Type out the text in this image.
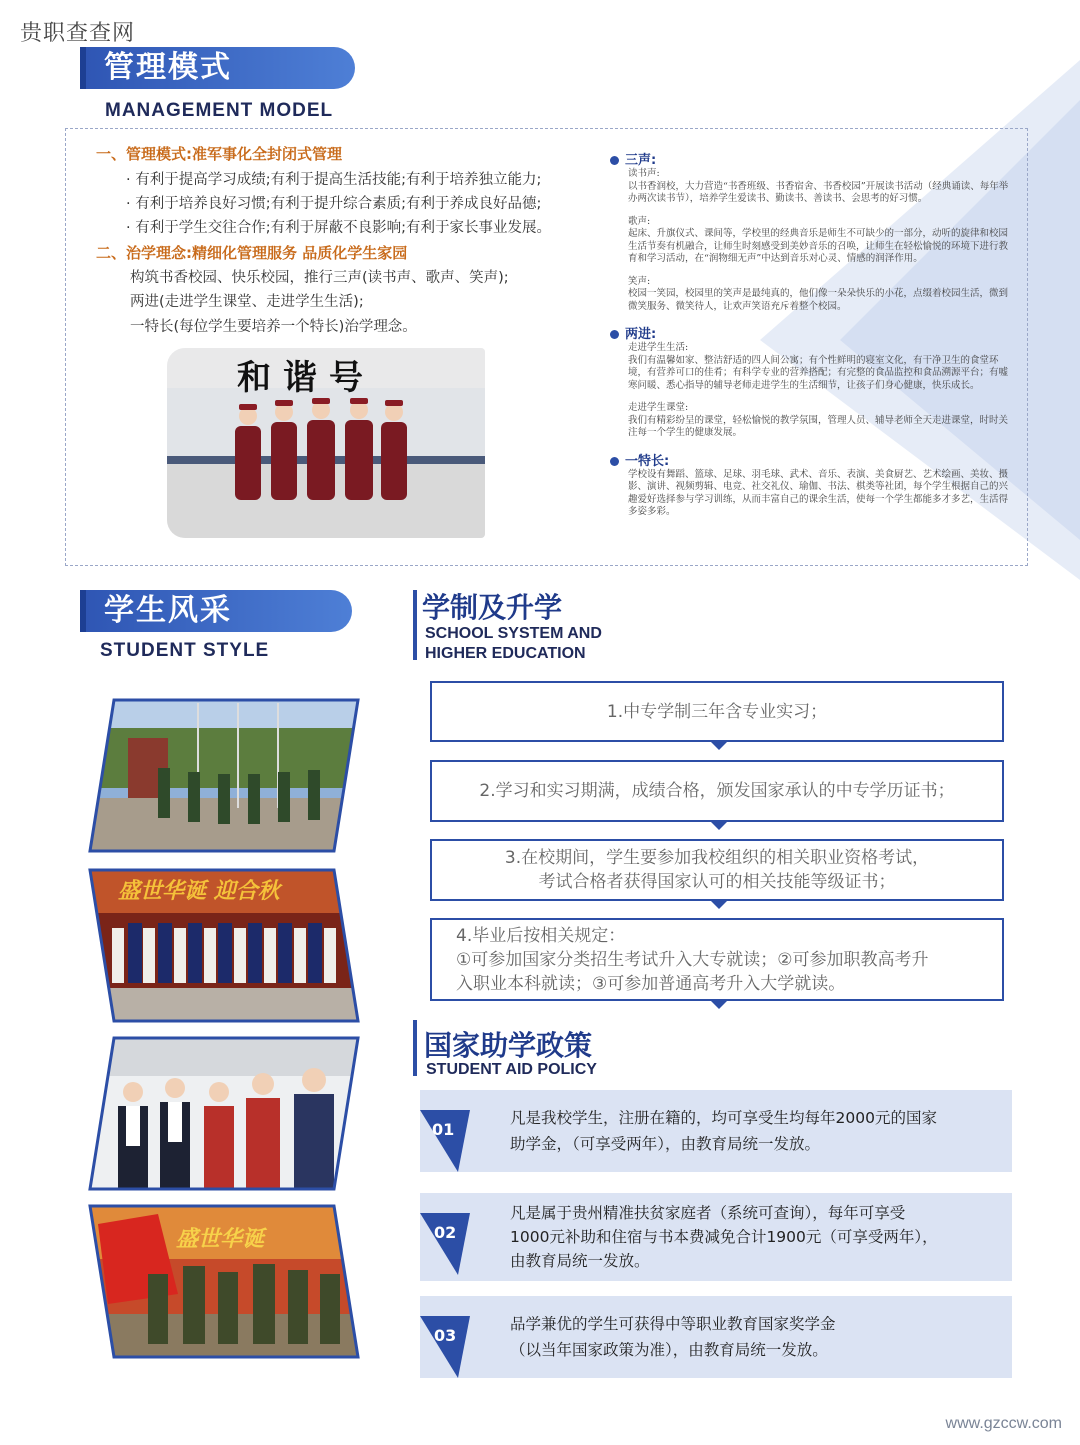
贵职查查网
管理模式
MANAGEMENT MODEL
一、管理模式:准军事化全封闭式管理
· 有利于提高学习成绩;有利于提高生活技能;有利于培养独立能力;
· 有利于培养良好习惯;有利于提升综合素质;有利于养成良好品德;
· 有利于学生交往合作;有利于屏蔽不良影响;有利于家长事业发展。
二、治学理念:精细化管理服务 品质化学生家园
构筑书香校园、快乐校园，推行三声(读书声、歌声、笑声);
两进(走进学生课堂、走进学生生活);
一特长(每位学生要培养一个特长)治学理念。
和谐号
三声:
读书声:
以书香润校，大力营造“书香班级、书香宿舍、书香校园”开展读书活动（经典诵读、每年举办两次读书节），培养学生爱读书、勤读书、善读书、会思考的好习惯。
歌声:
起床、升旗仪式、课间等，学校里的经典音乐是师生不可缺少的一部分，动听的旋律和校园生活节奏有机融合，让师生时刻感受到美妙音乐的召唤，让师生在轻松愉悦的环境下进行教育和学习活动，在“润物细无声”中达到音乐对心灵、情感的润泽作用。
笑声:
校园一笑园，校园里的笑声是最纯真的，他们像一朵朵快乐的小花，点缀着校园生活，微到微笑服务、微笑待人，让欢声笑语充斥着整个校园。
两进:
走进学生生活:
我们有温馨如家、整洁舒适的四人间公寓；有个性鲜明的寝室文化，有干净卫生的食堂环境，有营养可口的佳肴；有科学专业的营养搭配；有完整的食品监控和食品溯源平台；有嘘寒问暖、悉心指导的辅导老师走进学生的生活细节，让孩子们身心健康，快乐成长。
走进学生课堂:
我们有精彩纷呈的课堂，轻松愉悦的教学氛围，管理人员、辅导老师全天走进课堂，时时关注每一个学生的健康发展。
一特长:
学校设有舞蹈、篮球、足球、羽毛球、武术、音乐、表演、美食厨艺、艺术绘画、美妆、摄影、演讲、视频剪辑、电竞、社交礼仪、瑜伽、书法、棋类等社团，每个学生根据自己的兴趣爱好选择参与学习训练，从而丰富自己的课余生活，使每一个学生都能多才多艺，生活得多姿多彩。
学生风采
STUDENT STYLE
盛世华诞 迎合秋
盛世华诞
学制及升学
SCHOOL SYSTEM AND
HIGHER EDUCATION
1.中专学制三年含专业实习；
2.学习和实习期满，成绩合格，颁发国家承认的中专学历证书；
3.在校期间，学生要参加我校组织的相关职业资格考试，
考试合格者获得国家认可的相关技能等级证书；
4.毕业后按相关规定：
①可参加国家分类招生考试升入大专就读；②可参加职教高考升
入职业本科就读；③可参加普通高考升入大学就读。
国家助学政策
STUDENT AID POLICY
01
凡是我校学生，注册在籍的，均可享受生均每年2000元的国家
助学金，（可享受两年），由教育局统一发放。
02
凡是属于贵州精准扶贫家庭者（系统可查询），每年可享受
1000元补助和住宿与书本费减免合计1900元（可享受两年），
由教育局统一发放。
03
品学兼优的学生可获得中等职业教育国家奖学金
（以当年国家政策为准），由教育局统一发放。
www.gzccw.com
